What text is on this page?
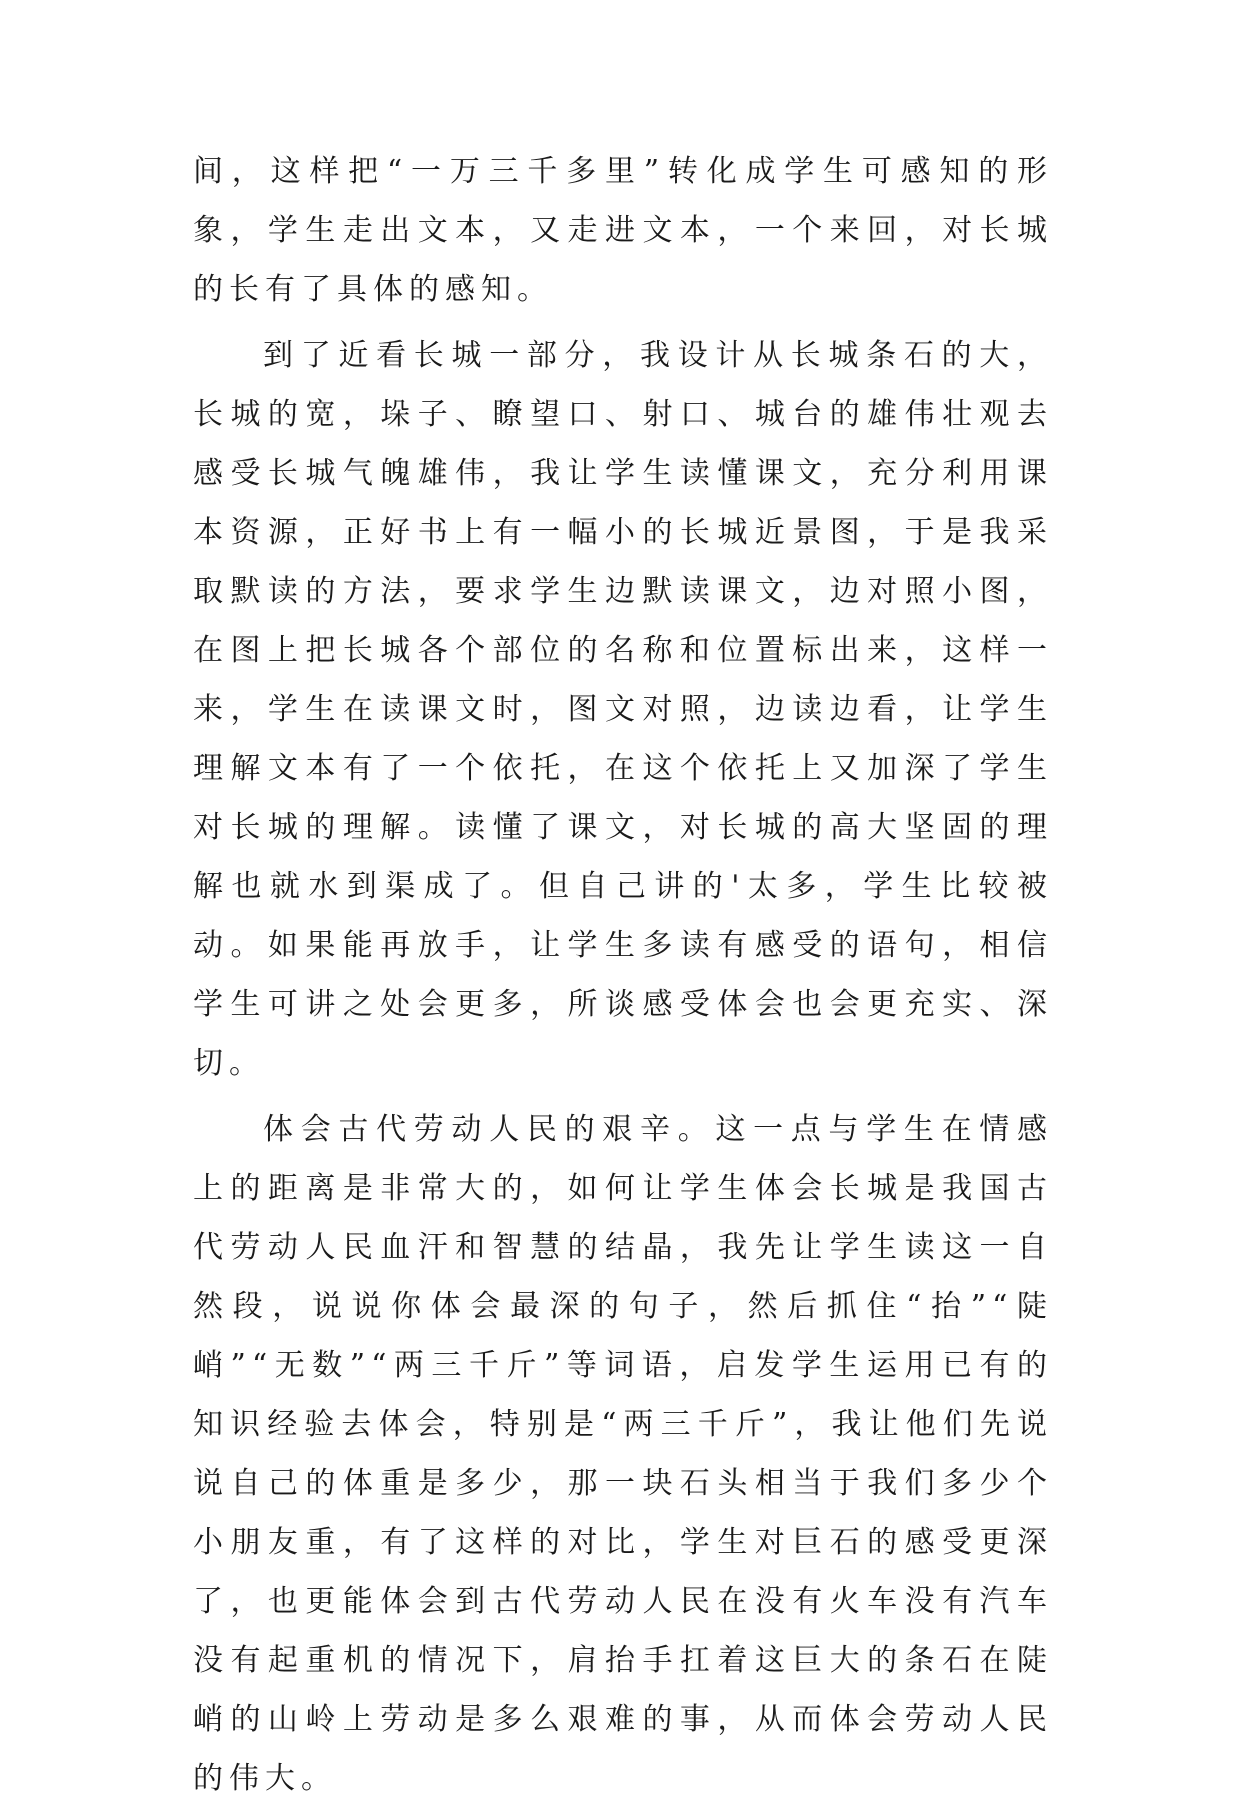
间，这样把“一万三千多里”转化成学生可感知的形象，学生走出文本，又走进文本，一个来回，对长城的长有了具体的感知。

到了近看长城一部分，我设计从长城条石的大，长城的宽，垛子、瞭望口、射口、城台的雄伟壮观去感受长城气魄雄伟，我让学生读懂课文，充分利用课本资源，正好书上有一幅小的长城近景图，于是我采取默读的方法，要求学生边默读课文，边对照小图，在图上把长城各个部位的名称和位置标出来，这样一来，学生在读课文时，图文对照，边读边看，让学生理解文本有了一个依托，在这个依托上又加深了学生对长城的理解。读懂了课文，对长城的高大坚固的理解也就水到渠成了。但自己讲的'太多，学生比较被动。如果能再放手，让学生多读有感受的语句，相信学生可讲之处会更多，所谈感受体会也会更充实、深切。

体会古代劳动人民的艰辛。这一点与学生在情感上的距离是非常大的，如何让学生体会长城是我国古代劳动人民血汗和智慧的结晶，我先让学生读这一自然段，说说你体会最深的句子，然后抓住“抬”“陡峭”“无数”“两三千斤”等词语，启发学生运用已有的知识经验去体会，特别是“两三千斤”，我让他们先说说自己的体重是多少，那一块石头相当于我们多少个小朋友重，有了这样的对比，学生对巨石的感受更深了，也更能体会到古代劳动人民在没有火车没有汽车没有起重机的情况下，肩抬手扛着这巨大的条石在陡峭的山岭上劳动是多么艰难的事，从而体会劳动人民的伟大。
